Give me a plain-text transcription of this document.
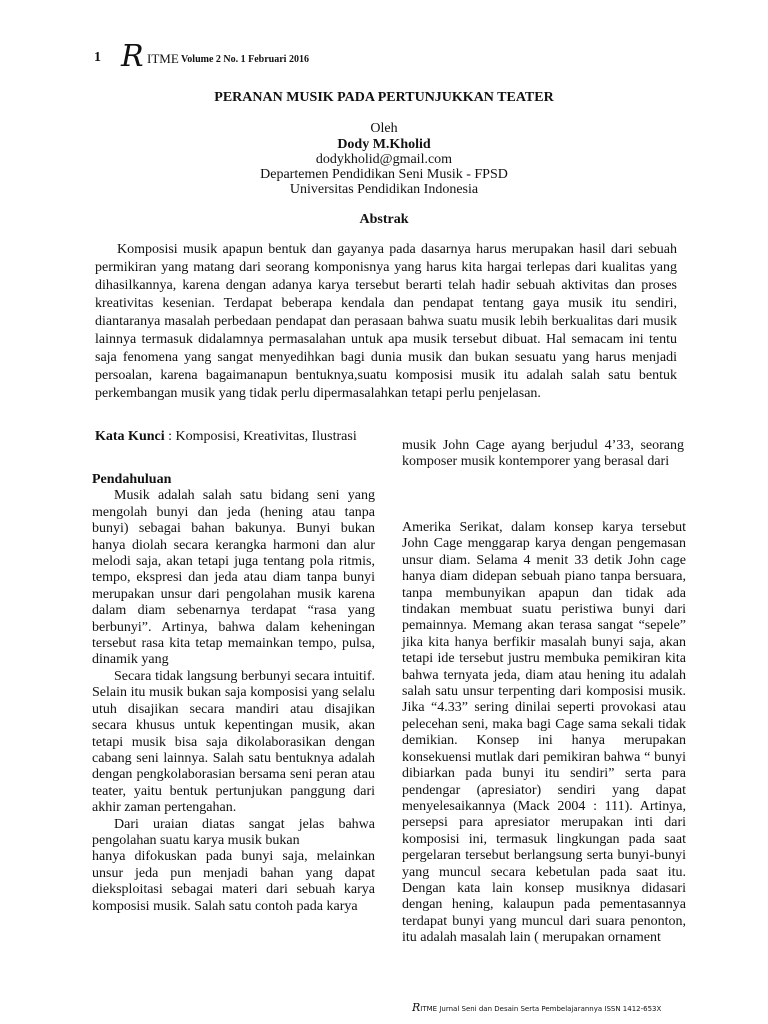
1 R ITME Volume 2 No. 1 Februari 2016
PERANAN MUSIK PADA PERTUNJUKKAN TEATER
Oleh
Dody M.Kholid
dodykholid@gmail.com
Departemen Pendidikan Seni Musik - FPSD
Universitas Pendidikan Indonesia
Abstrak

Komposisi musik apapun bentuk dan gayanya pada dasarnya harus merupakan hasil dari sebuah permikiran yang matang dari seorang komponisnya yang harus kita hargai terlepas dari kualitas yang dihasilkannya, karena dengan adanya karya tersebut berarti telah hadir sebuah aktivitas dan proses kreativitas kesenian. Terdapat beberapa kendala dan pendapat tentang gaya musik itu sendiri, diantaranya masalah perbedaan pendapat dan perasaan bahwa suatu musik lebih berkualitas dari musik lainnya termasuk didalamnya permasalahan untuk apa musik tersebut dibuat. Hal semacam ini tentu saja fenomena yang sangat menyedihkan bagi dunia musik dan bukan sesuatu yang harus menjadi persoalan, karena bagaimanapun bentuknya,suatu komposisi musik itu adalah salah satu bentuk perkembangan musik yang tidak perlu dipermasalahkan tetapi perlu penjelasan.

Kata Kunci : Komposisi, Kreativitas, Ilustrasi

Pendahuluan

Musik adalah salah satu bidang seni yang mengolah bunyi dan jeda (hening atau tanpa bunyi) sebagai bahan bakunya. Bunyi bukan hanya diolah secara kerangka harmoni dan alur melodi saja, akan tetapi juga tentang pola ritmis, tempo, ekspresi dan jeda atau diam tanpa bunyi merupakan unsur dari pengolahan musik karena dalam diam sebenarnya terdapat “rasa yang berbunyi”. Artinya, bahwa dalam keheningan tersebut rasa kita tetap memainkan tempo, pulsa, dinamik yang

Secara tidak langsung berbunyi secara intuitif. Selain itu musik bukan saja komposisi yang selalu utuh disajikan secara mandiri atau disajikan secara khusus untuk kepentingan musik, akan tetapi musik bisa saja dikolaborasikan dengan cabang seni lainnya. Salah satu bentuknya adalah dengan pengkolaborasian bersama seni peran atau teater, yaitu bentuk pertunjukan panggung dari akhir zaman pertengahan.

Dari uraian diatas sangat jelas bahwa pengolahan suatu karya musik bukan

hanya difokuskan pada bunyi saja, melainkan unsur jeda pun menjadi bahan yang dapat dieksploitasi sebagai materi dari sebuah karya komposisi musik. Salah satu contoh pada karya

musik John Cage ayang berjudul 4’33, seorang komposer musik kontemporer yang berasal dari

Amerika Serikat, dalam konsep karya tersebut John Cage menggarap karya dengan pengemasan unsur diam. Selama 4 menit 33 detik John cage hanya diam didepan sebuah piano tanpa bersuara, tanpa membunyikan apapun dan tidak ada tindakan membuat suatu peristiwa bunyi dari pemainnya. Memang akan terasa sangat “sepele” jika kita hanya berfikir masalah bunyi saja, akan tetapi ide tersebut justru membuka pemikiran kita bahwa ternyata jeda, diam atau hening itu adalah salah satu unsur terpenting dari komposisi musik. Jika “4.33” sering dinilai seperti provokasi atau pelecehan seni, maka bagi Cage sama sekali tidak demikian. Konsep ini hanya merupakan konsekuensi mutlak dari pemikiran bahwa “ bunyi dibiarkan pada bunyi itu sendiri” serta para pendengar (apresiator) sendiri yang dapat menyelesaikannya (Mack 2004 : 111). Artinya, persepsi para apresiator merupakan inti dari komposisi ini, termasuk lingkungan pada saat pergelaran tersebut berlangsung serta bunyi-bunyi yang muncul secara kebetulan pada saat itu. Dengan kata lain konsep musiknya didasari dengan hening, kalaupun pada pementasannya terdapat bunyi yang muncul dari suara penonton, itu adalah masalah lain ( merupakan ornament

RITME Jurnal Seni dan Desain Serta Pembelajarannya ISSN 1412-653X
